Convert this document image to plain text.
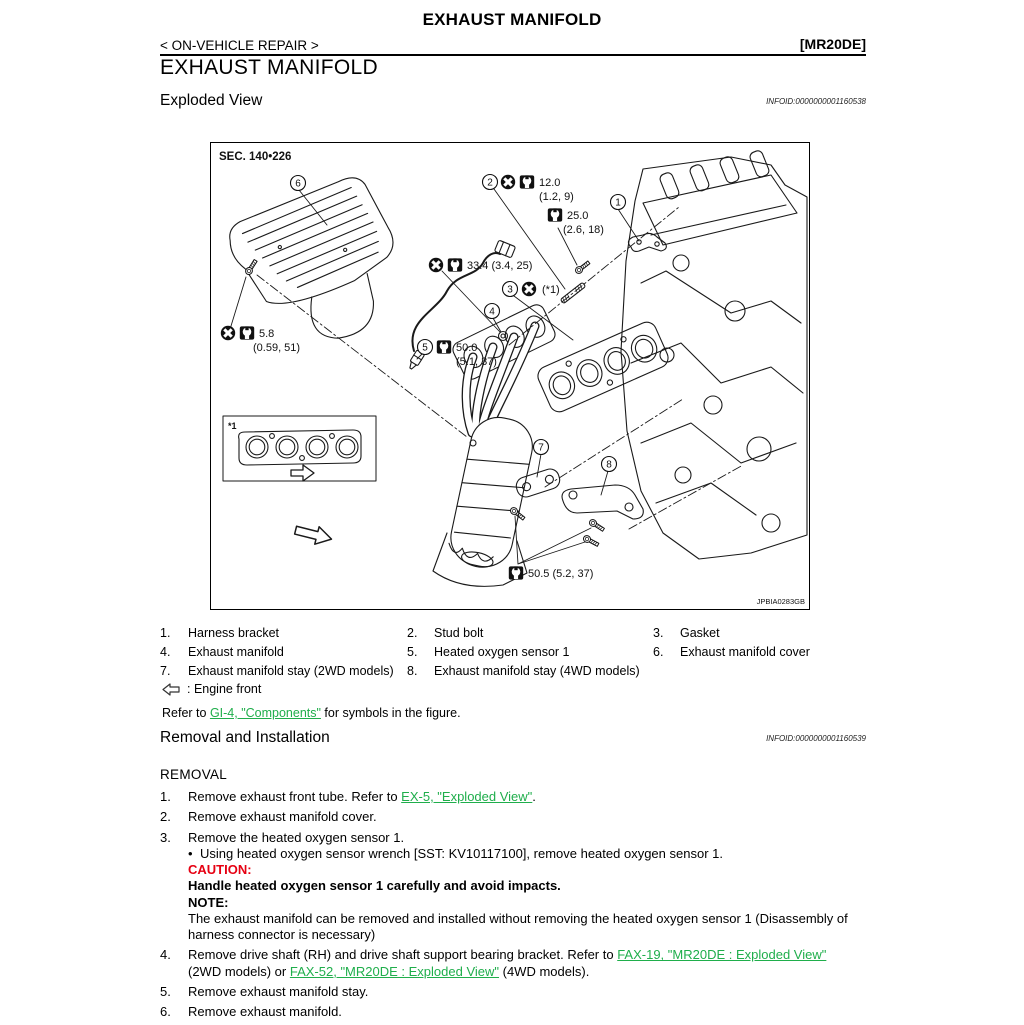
EXHAUST MANIFOLD
< ON-VEHICLE REPAIR >	[MR20DE]
EXHAUST MANIFOLD
Exploded View	INFOID:0000000001160538
1
2
3
4
5
6
7
8
12.0
(1.2, 9)
25.0
(2.6, 18)
33.4 (3.4, 25)
(*1)
50.0
(5.1, 37)
5.8
(0.59, 51)
50.5 (5.2, 37)
SEC. 140•226
*1
JPBIA0283GB
1.	Harness bracket	2.	Stud bolt	3.	Gasket
4.	Exhaust manifold	5.	Heated oxygen sensor 1	6.	Exhaust manifold cover
7.	Exhaust manifold stay (2WD models)	8.	Exhaust manifold stay (4WD models)
: Engine front
Refer to GI-4, "Components" for symbols in the figure.
Removal and Installation	INFOID:0000000001160539
REMOVAL
1. Remove exhaust front tube. Refer to EX-5, "Exploded View".
2. Remove exhaust manifold cover.
3. Remove the heated oxygen sensor 1.
• Using heated oxygen sensor wrench [SST: KV10117100], remove heated oxygen sensor 1.
CAUTION:
Handle heated oxygen sensor 1 carefully and avoid impacts.
NOTE:
The exhaust manifold can be removed and installed without removing the heated oxygen sensor 1 (Disassembly of harness connector is necessary)
4. Remove drive shaft (RH) and drive shaft support bearing bracket. Refer to FAX-19, "MR20DE : Exploded View" (2WD models) or FAX-52, "MR20DE : Exploded View" (4WD models).
5. Remove exhaust manifold stay.
6. Remove exhaust manifold.
